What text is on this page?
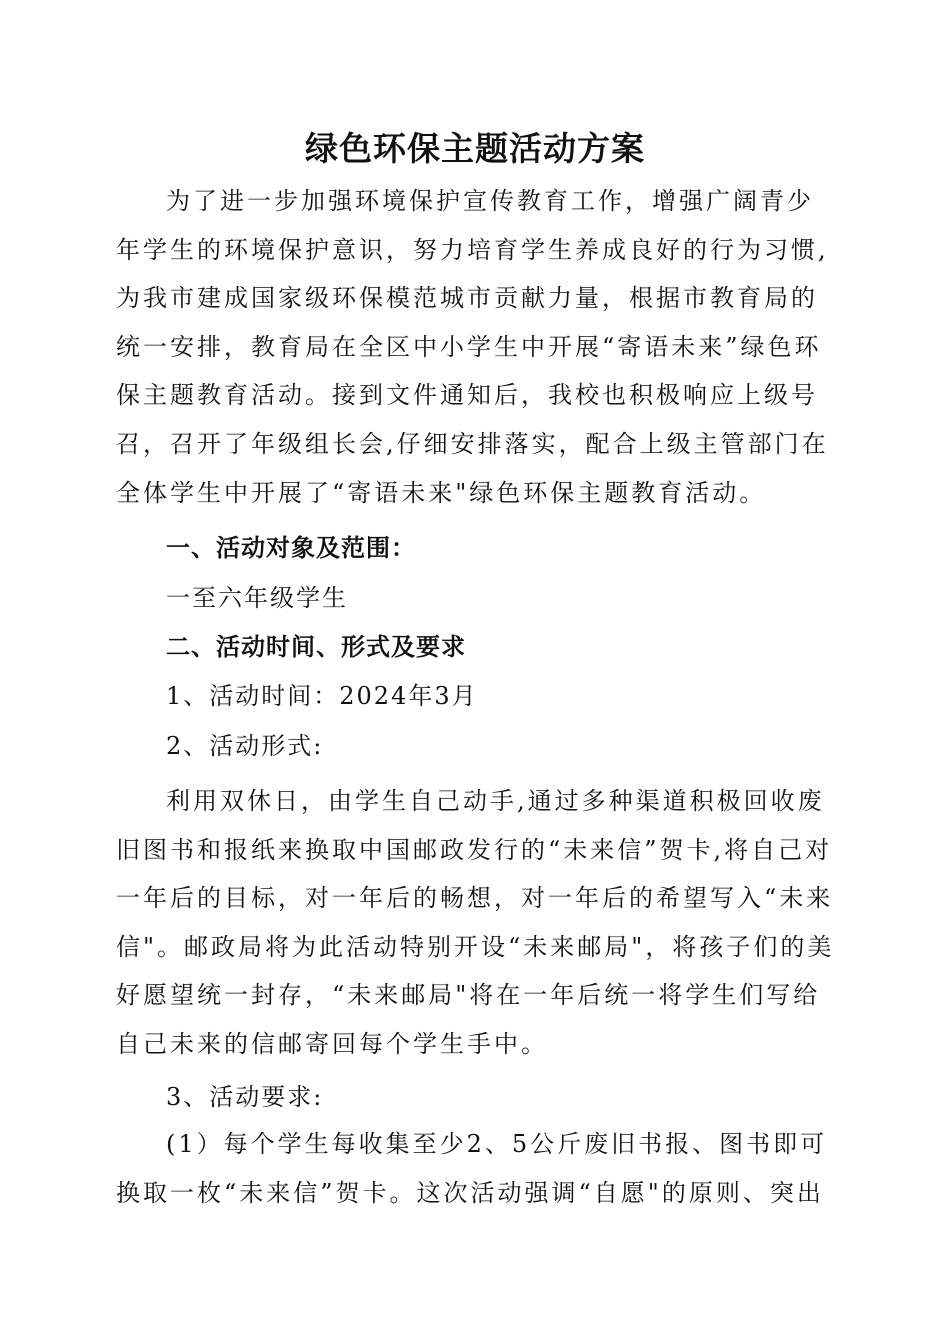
绿色环保主题活动方案

为了进一步加强环境保护宣传教育工作，增强广阔青少年学生的环境保护意识，努力培育学生养成良好的行为习惯,为我市建成国家级环保模范城市贡献力量，根据市教育局的统一安排，教育局在全区中小学生中开展“寄语未来”绿色环保主题教育活动。接到文件通知后，我校也积极响应上级号召，召开了年级组长会,仔细安排落实，配合上级主管部门在全体学生中开展了“寄语未来"绿色环保主题教育活动。

一、活动对象及范围：

一至六年级学生

二、活动时间、形式及要求

1、活动时间：2024年3月

2、活动形式:

利用双休日，由学生自己动手,通过多种渠道积极回收废旧图书和报纸来换取中国邮政发行的“未来信”贺卡,将自己对一年后的目标，对一年后的畅想，对一年后的希望写入“未来信"。邮政局将为此活动特别开设“未来邮局"，将孩子们的美好愿望统一封存，“未来邮局"将在一年后统一将学生们写给自己未来的信邮寄回每个学生手中。

3、活动要求:

(1）每个学生每收集至少2、5公斤废旧书报、图书即可换取一枚“未来信”贺卡。这次活动强调“自愿"的原则、突出
